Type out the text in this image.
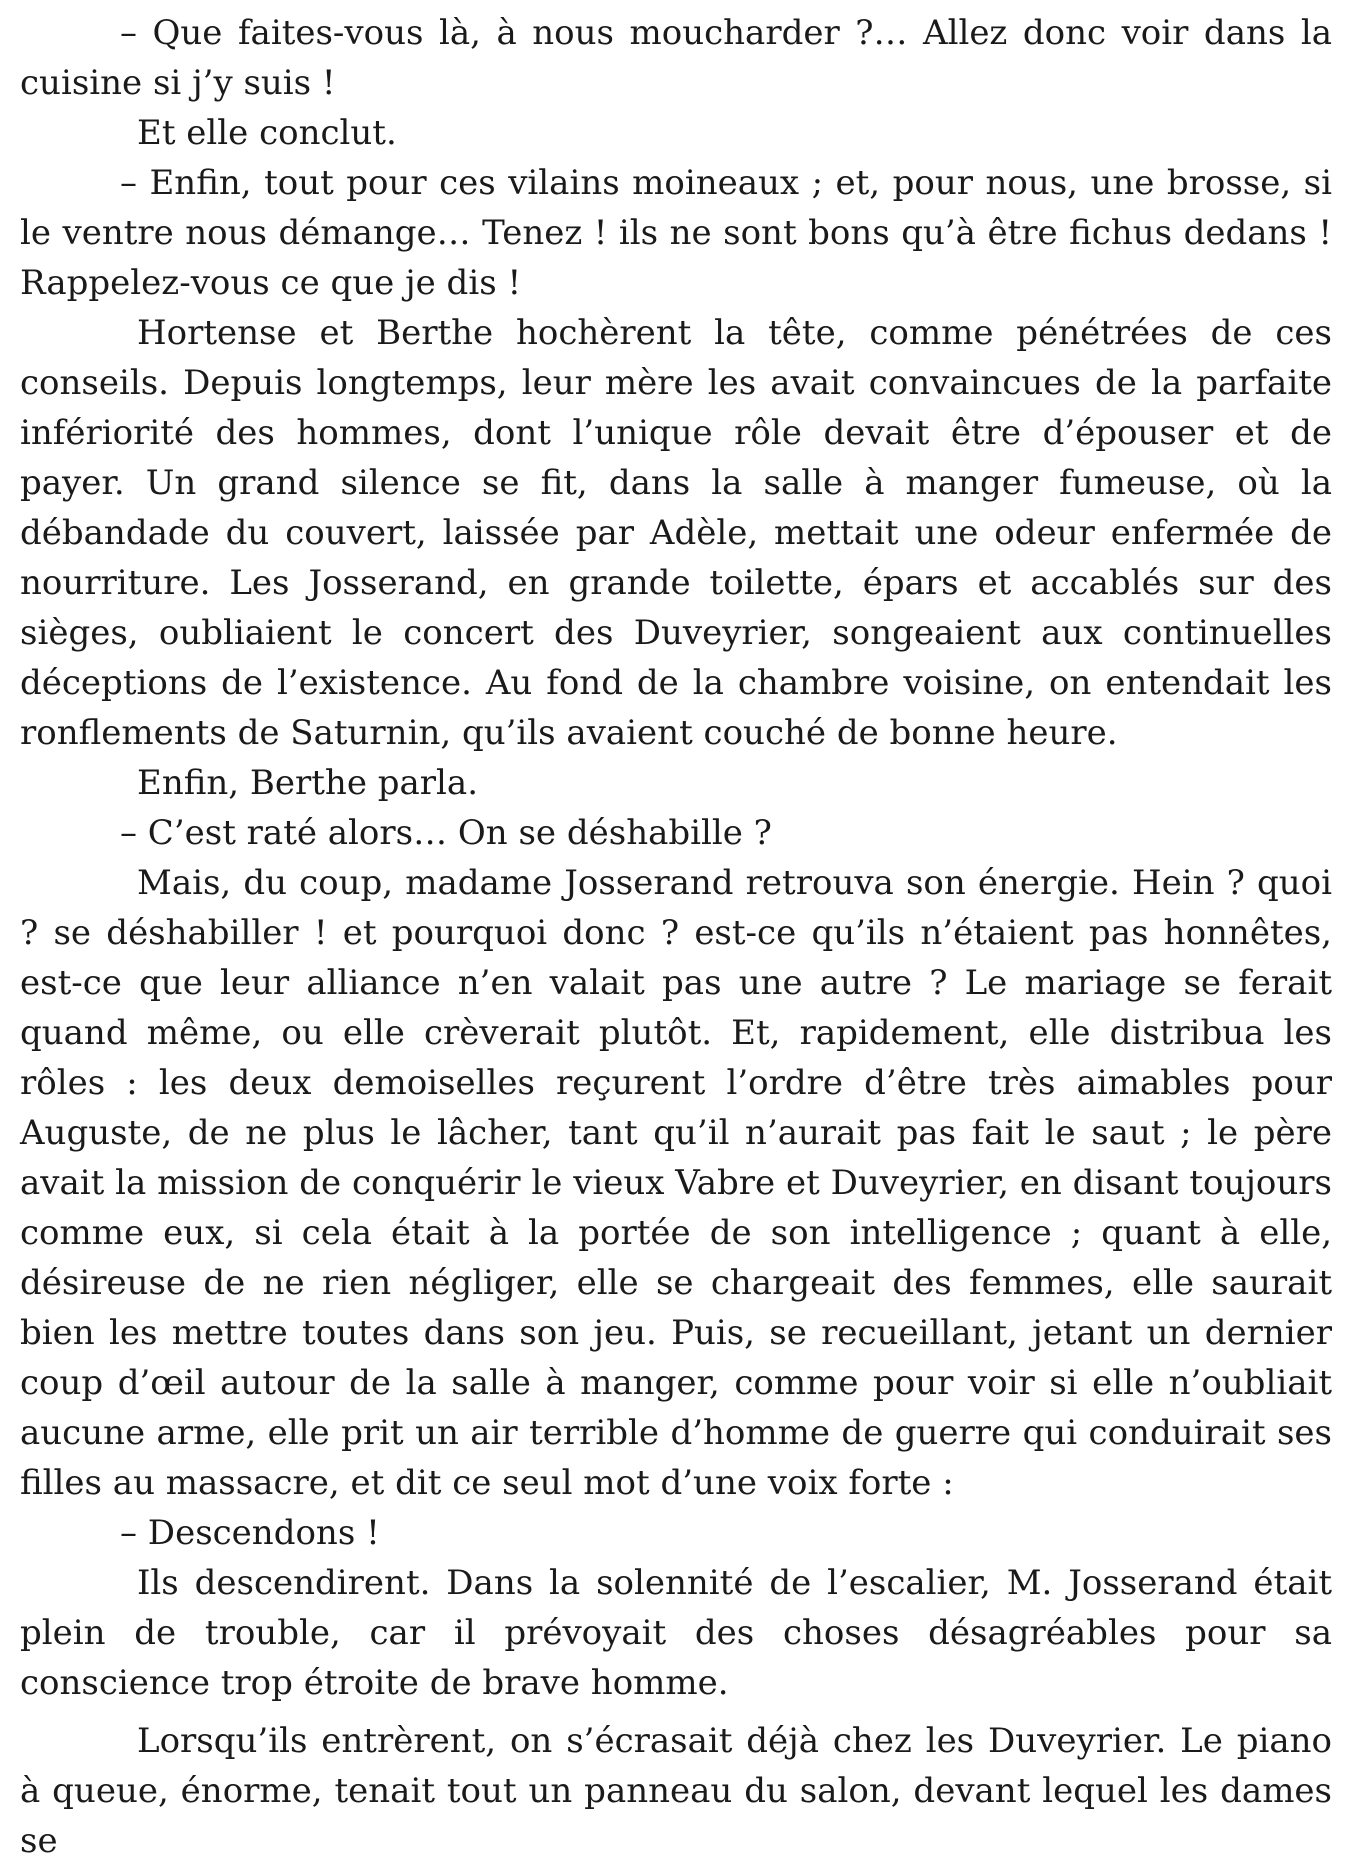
– Que faites-vous là, à nous moucharder ?… Allez donc voir dans la cuisine si j’y suis !

Et elle conclut.

– Enfin, tout pour ces vilains moineaux ; et, pour nous, une brosse, si le ventre nous démange… Tenez ! ils ne sont bons qu’à être fichus dedans ! Rappelez-vous ce que je dis !

Hortense et Berthe hochèrent la tête, comme pénétrées de ces conseils. Depuis longtemps, leur mère les avait convaincues de la parfaite infériorité des hommes, dont l’unique rôle devait être d’épouser et de payer. Un grand silence se fit, dans la salle à manger fumeuse, où la débandade du couvert, laissée par Adèle, mettait une odeur enfermée de nourriture. Les Josserand, en grande toilette, épars et accablés sur des sièges, oubliaient le concert des Duveyrier, songeaient aux continuelles déceptions de l’existence. Au fond de la chambre voisine, on entendait les ronflements de Saturnin, qu’ils avaient couché de bonne heure.

Enfin, Berthe parla.

– C’est raté alors… On se déshabille ?

Mais, du coup, madame Josserand retrouva son énergie. Hein ? quoi ? se déshabiller ! et pourquoi donc ? est-ce qu’ils n’étaient pas honnêtes, est-ce que leur alliance n’en valait pas une autre ? Le mariage se ferait quand même, ou elle crèverait plutôt. Et, rapidement, elle distribua les rôles : les deux demoiselles reçurent l’ordre d’être très aimables pour Auguste, de ne plus le lâcher, tant qu’il n’aurait pas fait le saut ; le père avait la mission de conquérir le vieux Vabre et Duveyrier, en disant toujours comme eux, si cela était à la portée de son intelligence ; quant à elle, désireuse de ne rien négliger, elle se chargeait des femmes, elle saurait bien les mettre toutes dans son jeu. Puis, se recueillant, jetant un dernier coup d’œil autour de la salle à manger, comme pour voir si elle n’oubliait aucune arme, elle prit un air terrible d’homme de guerre qui conduirait ses filles au massacre, et dit ce seul mot d’une voix forte :

– Descendons !

Ils descendirent. Dans la solennité de l’escalier, M. Josserand était plein de trouble, car il prévoyait des choses désagréables pour sa conscience trop étroite de brave homme.

Lorsqu’ils entrèrent, on s’écrasait déjà chez les Duveyrier. Le piano à queue, énorme, tenait tout un panneau du salon, devant lequel les dames se
